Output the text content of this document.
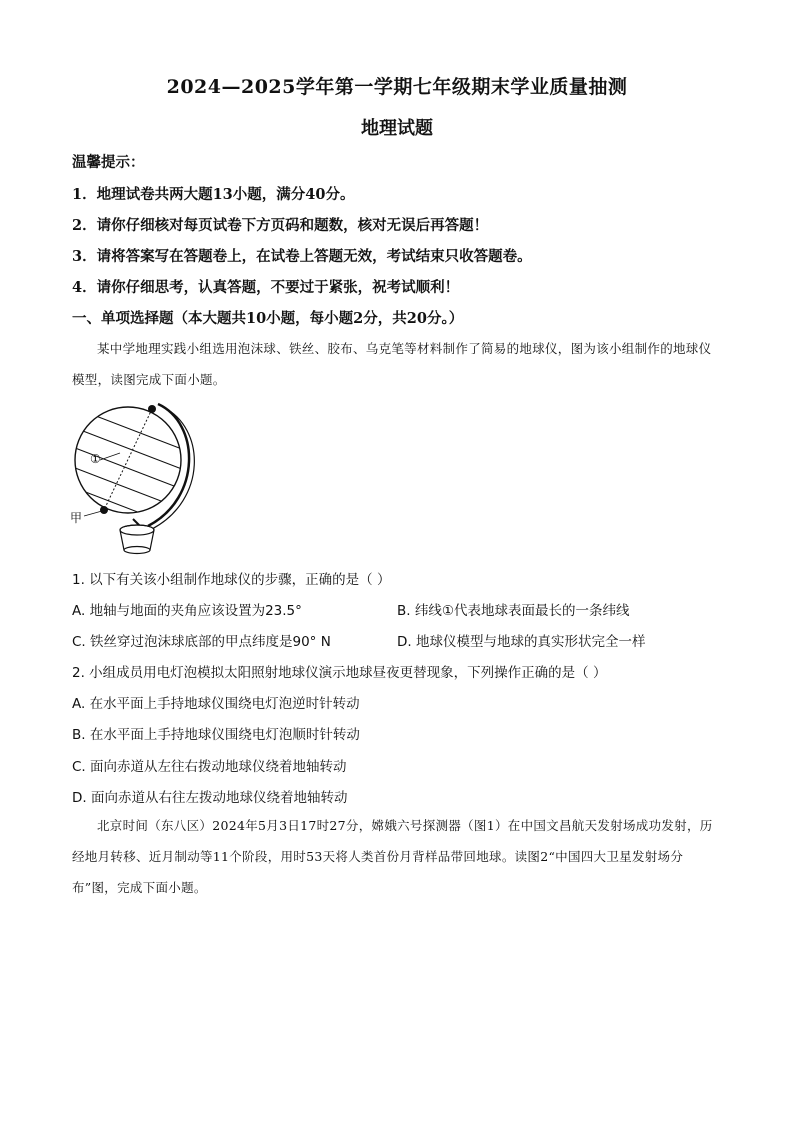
2024—2025学年第一学期七年级期末学业质量抽测
地理试题
温馨提示：
1．地理试卷共两大题13小题，满分40分。
2．请你仔细核对每页试卷下方页码和题数，核对无误后再答题！
3．请将答案写在答题卷上，在试卷上答题无效，考试结束只收答题卷。
4．请你仔细思考，认真答题，不要过于紧张，祝考试顺利！
一、单项选择题（本大题共10小题，每小题2分，共20分。）
某中学地理实践小组选用泡沫球、铁丝、胶布、乌克笔等材料制作了简易的地球仪，图为该小组制作的地球仪模型，读图完成下面小题。
①
甲
1. 以下有关该小组制作地球仪的步骤，正确的是（ ）
A. 地轴与地面的夹角应该设置为23.5°	B. 纬线①代表地球表面最长的一条纬线
C. 铁丝穿过泡沫球底部的甲点纬度是90° N	D. 地球仪模型与地球的真实形状完全一样
2. 小组成员用电灯泡模拟太阳照射地球仪演示地球昼夜更替现象，下列操作正确的是（ ）
A. 在水平面上手持地球仪围绕电灯泡逆时针转动
B. 在水平面上手持地球仪围绕电灯泡顺时针转动
C. 面向赤道从左往右拨动地球仪绕着地轴转动
D. 面向赤道从右往左拨动地球仪绕着地轴转动
北京时间（东八区）2024年5月3日17时27分，嫦娥六号探测器（图1）在中国文昌航天发射场成功发射，历经地月转移、近月制动等11个阶段，用时53天将人类首份月背样品带回地球。读图2“中国四大卫星发射场分布”图，完成下面小题。
